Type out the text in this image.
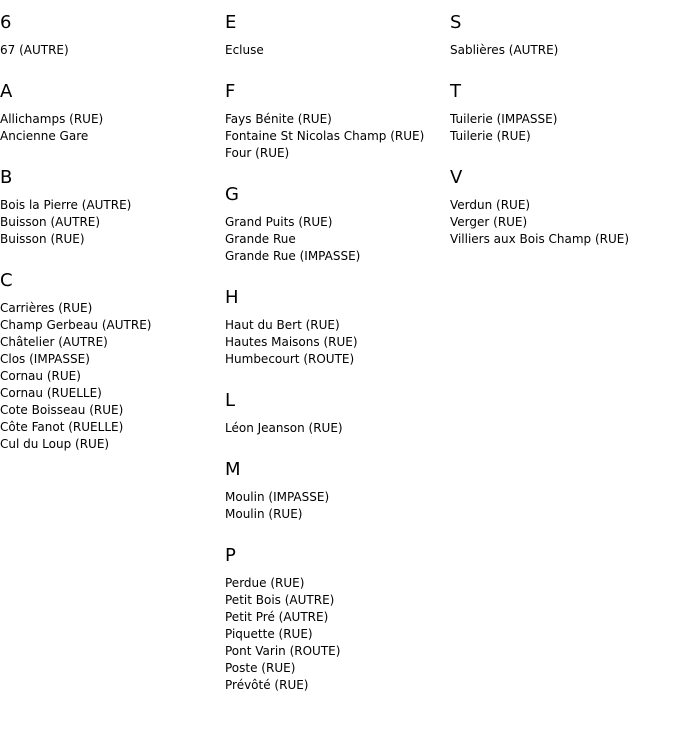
6
67 (AUTRE)
A
Allichamps (RUE)
Ancienne Gare
B
Bois la Pierre (AUTRE)
Buisson (AUTRE)
Buisson (RUE)
C
Carrières (RUE)
Champ Gerbeau (AUTRE)
Châtelier (AUTRE)
Clos (IMPASSE)
Cornau (RUE)
Cornau (RUELLE)
Cote Boisseau (RUE)
Côte Fanot (RUELLE)
Cul du Loup (RUE)
E
Ecluse
F
Fays Bénite (RUE)
Fontaine St Nicolas Champ (RUE)
Four (RUE)
G
Grand Puits (RUE)
Grande Rue
Grande Rue (IMPASSE)
H
Haut du Bert (RUE)
Hautes Maisons (RUE)
Humbecourt (ROUTE)
L
Léon Jeanson (RUE)
M
Moulin (IMPASSE)
Moulin (RUE)
P
Perdue (RUE)
Petit Bois (AUTRE)
Petit Pré (AUTRE)
Piquette (RUE)
Pont Varin (ROUTE)
Poste (RUE)
Prévôté (RUE)
S
Sablières (AUTRE)
T
Tuilerie (IMPASSE)
Tuilerie (RUE)
V
Verdun (RUE)
Verger (RUE)
Villiers aux Bois Champ (RUE)
